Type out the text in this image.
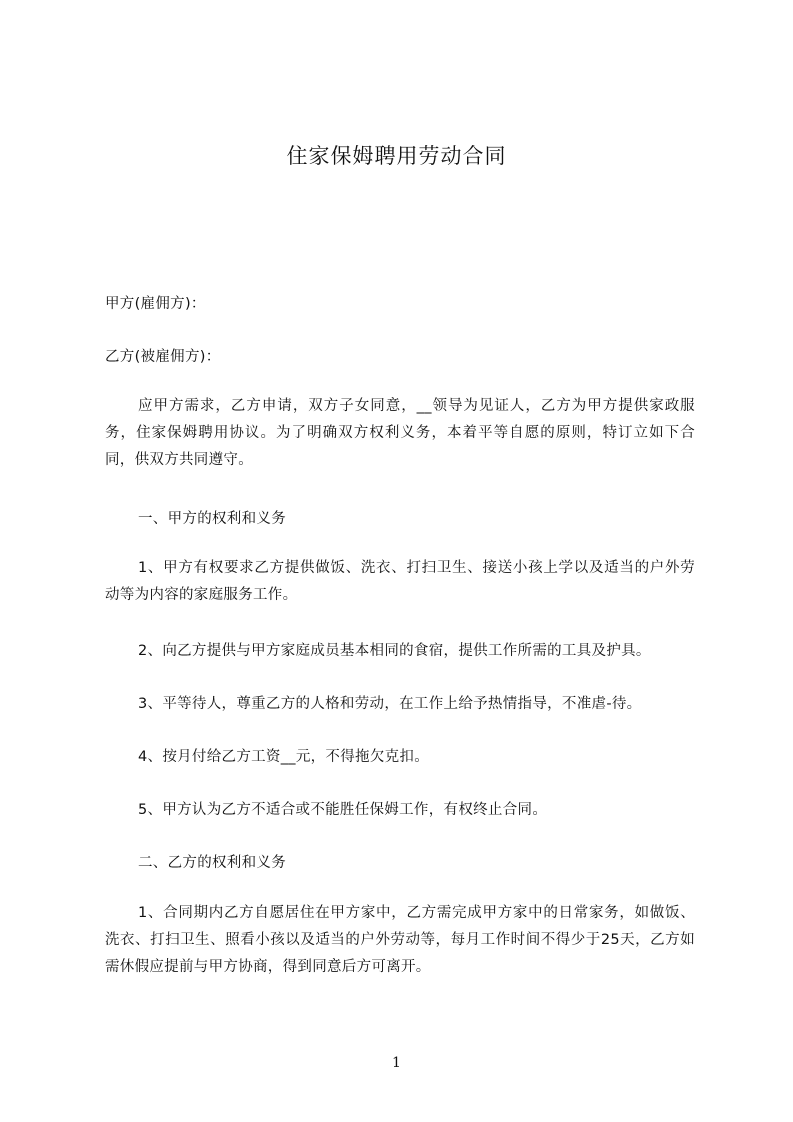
住家保姆聘用劳动合同
甲方(雇佣方)：
乙方(被雇佣方)：
应甲方需求，乙方申请，双方子女同意，__领导为见证人，乙方为甲方提供家政服务，住家保姆聘用协议。为了明确双方权利义务，本着平等自愿的原则，特订立如下合同，供双方共同遵守。
一、甲方的权利和义务
1、甲方有权要求乙方提供做饭、洗衣、打扫卫生、接送小孩上学以及适当的户外劳动等为内容的家庭服务工作。
2、向乙方提供与甲方家庭成员基本相同的食宿，提供工作所需的工具及护具。
3、平等待人，尊重乙方的人格和劳动，在工作上给予热情指导，不准虐-待。
4、按月付给乙方工资__元，不得拖欠克扣。
5、甲方认为乙方不适合或不能胜任保姆工作，有权终止合同。
二、乙方的权利和义务
1、合同期内乙方自愿居住在甲方家中，乙方需完成甲方家中的日常家务，如做饭、洗衣、打扫卫生、照看小孩以及适当的户外劳动等，每月工作时间不得少于25天，乙方如需休假应提前与甲方协商，得到同意后方可离开。
1
